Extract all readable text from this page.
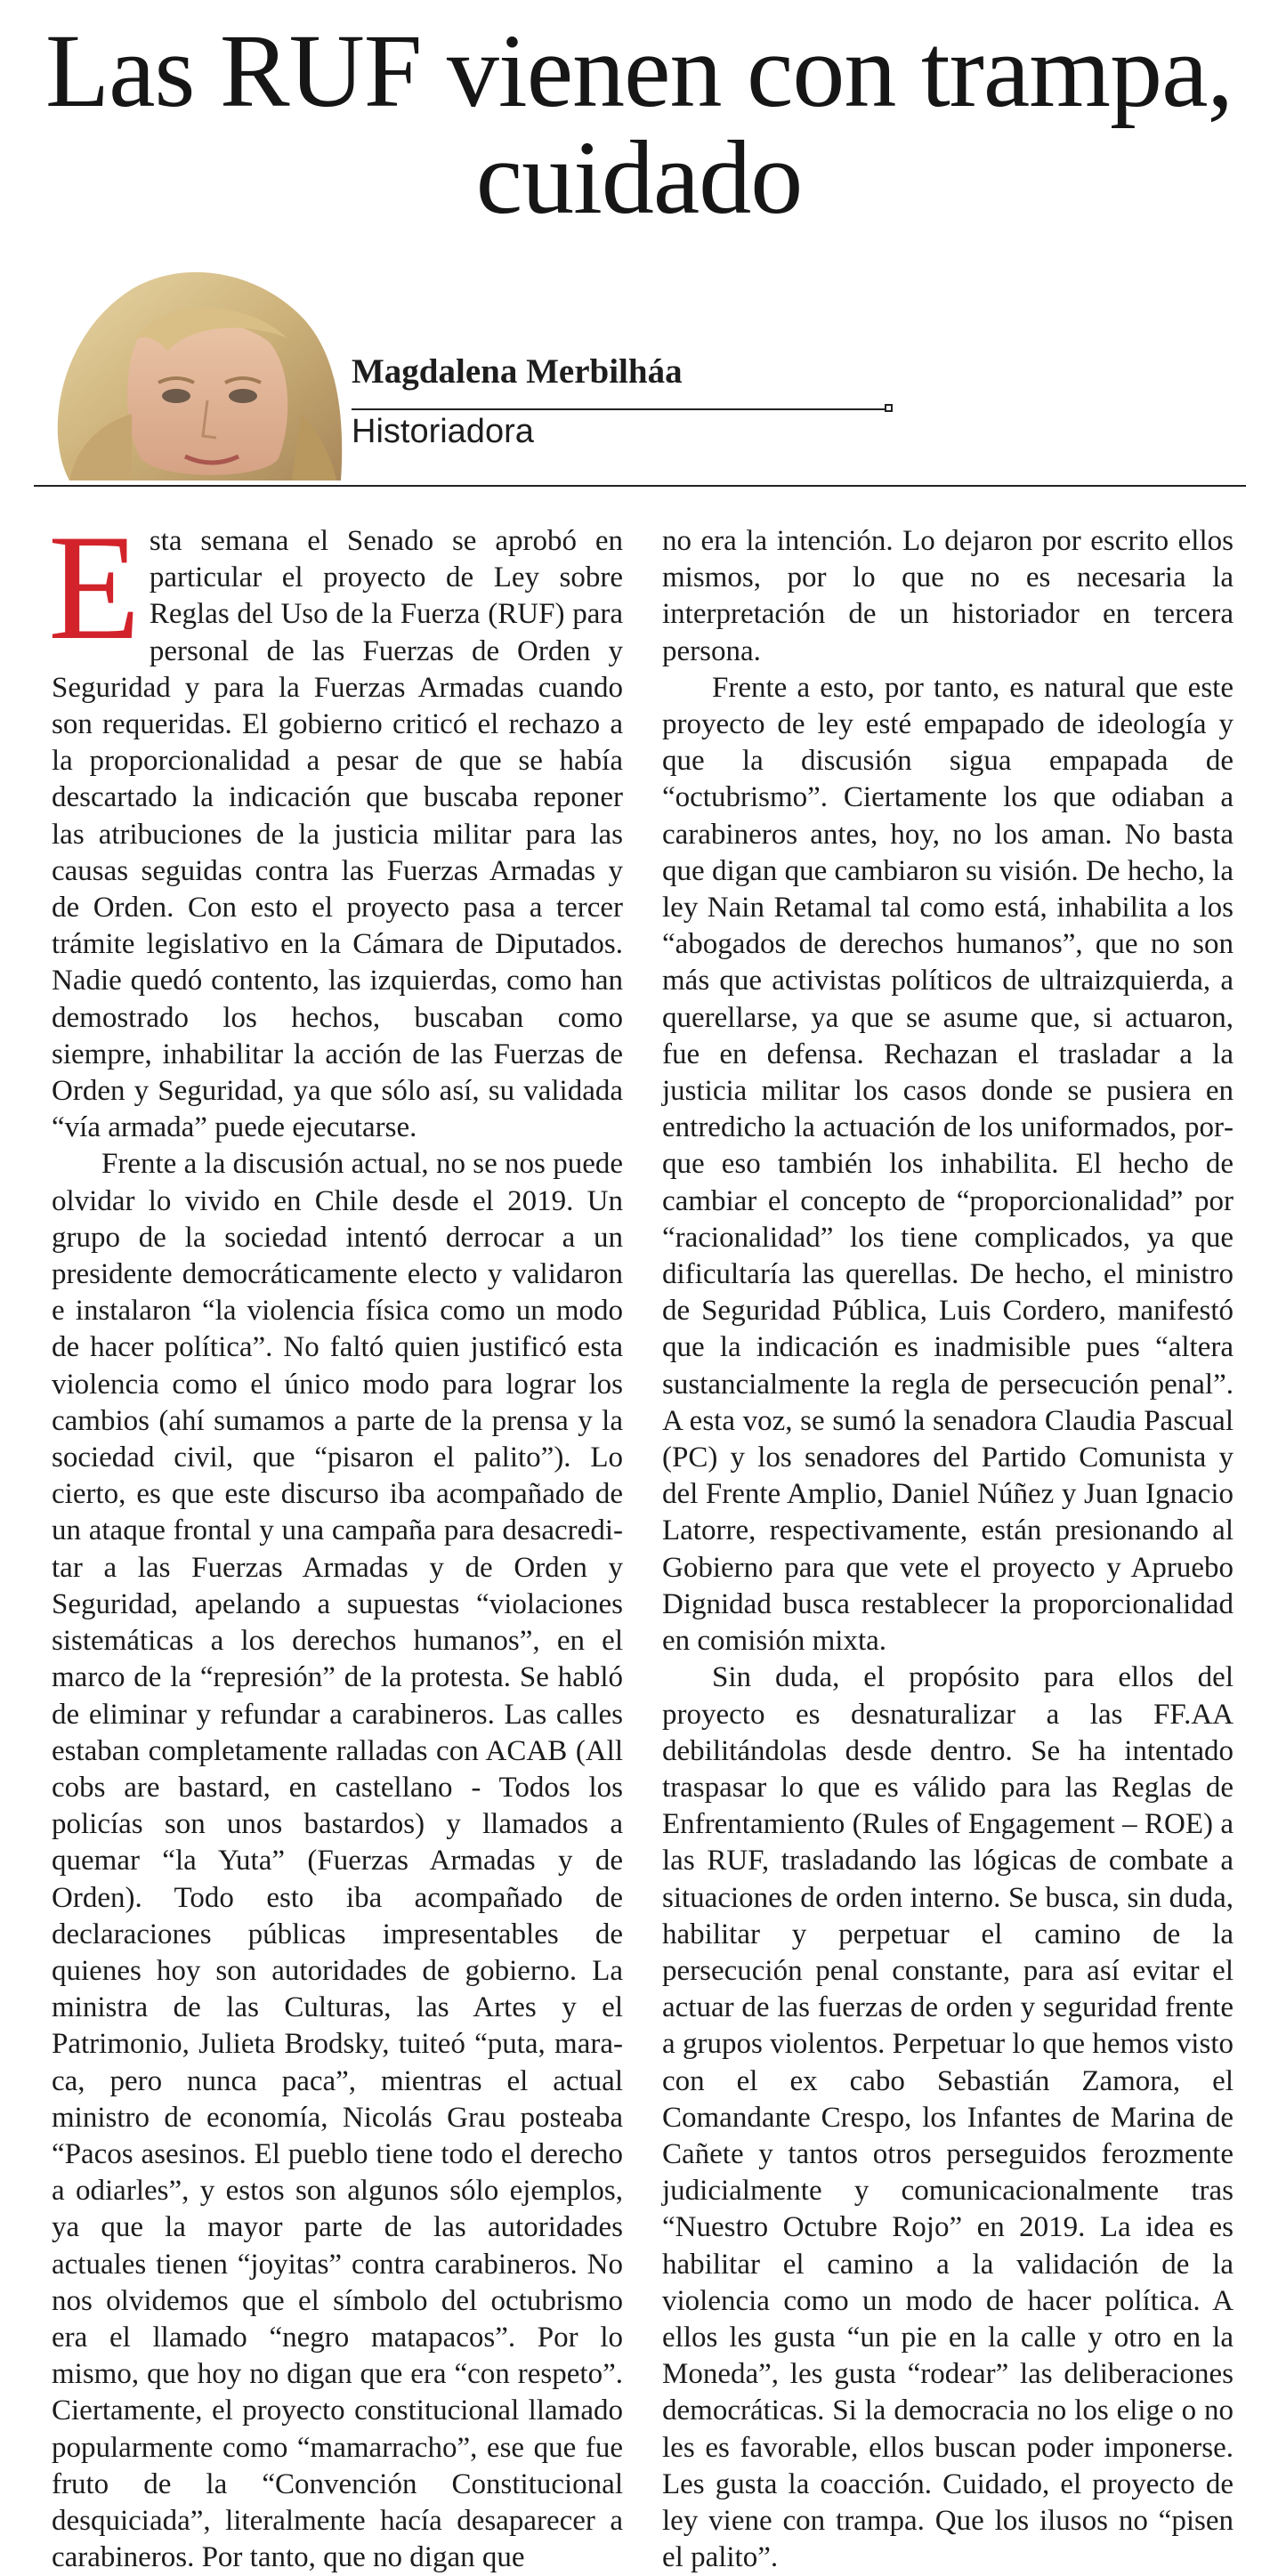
Las RUF vienen con trampa, cuidado

Magdalena Merbilháa

Historiadora

Esta semana el Senado se aprobó en particular el proyecto de Ley sobre Reglas del Uso de la Fuerza (RUF) para personal de las Fuerzas de Orden y Seguridad y para la Fuerzas Armadas cuando son requeridas. El gobierno criticó el rechazo a la proporcionalidad a pesar de que se había descartado la indicación que buscaba reponer las atribuciones de la justicia militar para las causas seguidas contra las Fuerzas Armadas y de Orden. Con esto el proyecto pasa a tercer trámite legislativo en la Cámara de Diputados. Nadie quedó contento, las izquierdas, como han demostrado los hechos, buscaban como siempre, inhabilitar la acción de las Fuerzas de Orden y Seguridad, ya que sólo así, su validada “vía armada” puede ejecutarse.

Frente a la discusión actual, no se nos puede olvidar lo vivido en Chile desde el 2019. Un grupo de la sociedad intentó derrocar a un presidente democráticamente electo y validaron e instalaron “la violencia física como un modo de hacer política”. No faltó quien justificó esta violencia como el único modo para lograr los cambios (ahí sumamos a parte de la prensa y la sociedad civil, que “pisaron el palito”). Lo cierto, es que este discurso iba acompañado de un ataque frontal y una campaña para desacreditar a las Fuerzas Armadas y de Orden y Seguridad, apelando a supuestas “violaciones sistemáticas a los derechos humanos”, en el marco de la “represión” de la protesta. Se habló de eliminar y refundar a carabineros. Las calles estaban completamente ralladas con ACAB (All cobs are bastard, en castellano - Todos los policías son unos bastardos) y llamados a quemar “la Yuta” (Fuerzas Armadas y de Orden). Todo esto iba acompañado de declaraciones públicas impresentables de quienes hoy son autoridades de gobierno. La ministra de las Culturas, las Artes y el Patrimonio, Julieta Brodsky, tuiteó “puta, maraca, pero nunca paca”, mientras el actual ministro de economía, Nicolás Grau posteaba “Pacos asesinos. El pueblo tiene todo el derecho a odiarles”, y estos son algunos sólo ejemplos, ya que la mayor parte de las autoridades actuales tienen “joyitas” contra carabineros. No nos olvidemos que el símbolo del octubrismo era el llamado “negro matapacos”. Por lo mismo, que hoy no digan que era “con respeto”. Ciertamente, el proyecto constitucional llamado popularmente como “mamarracho”, ese que fue fruto de la “Convención Constitucional desquiciada”, literalmente hacía desaparecer a carabineros. Por tanto, que no digan que

no era la intención. Lo dejaron por escrito ellos mismos, por lo que no es necesaria la interpretación de un historiador en tercera persona.

Frente a esto, por tanto, es natural que este proyecto de ley esté empapado de ideología y que la discusión sigua empapada de “octubrismo”. Ciertamente los que odiaban a carabineros antes, hoy, no los aman. No basta que digan que cambiaron su visión. De hecho, la ley Nain Retamal tal como está, inhabilita a los “abogados de derechos humanos”, que no son más que activistas políticos de ultraizquierda, a querellarse, ya que se asume que, si actuaron, fue en defensa. Rechazan el trasladar a la justicia militar los casos donde se pusiera en entredicho la actuación de los uniformados, porque eso también los inhabilita. El hecho de cambiar el concepto de “proporcionalidad” por “racionalidad” los tiene complicados, ya que dificultaría las querellas. De hecho, el ministro de Seguridad Pública, Luis Cordero, manifestó que la indicación es inadmisible pues “altera sustancialmente la regla de persecución penal”. A esta voz, se sumó la senadora Claudia Pascual (PC) y los senadores del Partido Comunista y del Frente Amplio, Daniel Núñez y Juan Ignacio Latorre, respectivamente, están presionando al Gobierno para que vete el proyecto y Apruebo Dignidad busca restablecer la proporcionalidad en comisión mixta.

Sin duda, el propósito para ellos del proyecto es desnaturalizar a las FF.AA debilitándolas desde dentro. Se ha intentado traspasar lo que es válido para las Reglas de Enfrentamiento (Rules of Engagement – ROE) a las RUF, trasladando las lógicas de combate a situaciones de orden interno. Se busca, sin duda, habilitar y perpetuar el camino de la persecución penal constante, para así evitar el actuar de las fuerzas de orden y seguridad frente a grupos violentos. Perpetuar lo que hemos visto con el ex cabo Sebastián Zamora, el Comandante Crespo, los Infantes de Marina de Cañete y tantos otros perseguidos ferozmente judicialmente y comunicacionalmente tras “Nuestro Octubre Rojo” en 2019. La idea es habilitar el camino a la validación de la violencia como un modo de hacer política. A ellos les gusta “un pie en la calle y otro en la Moneda”, les gusta “rodear” las deliberaciones democráticas. Si la democracia no los elige o no les es favorable, ellos buscan poder imponerse. Les gusta la coacción. Cuidado, el proyecto de ley viene con trampa. Que los ilusos no “pisen el palito”.
